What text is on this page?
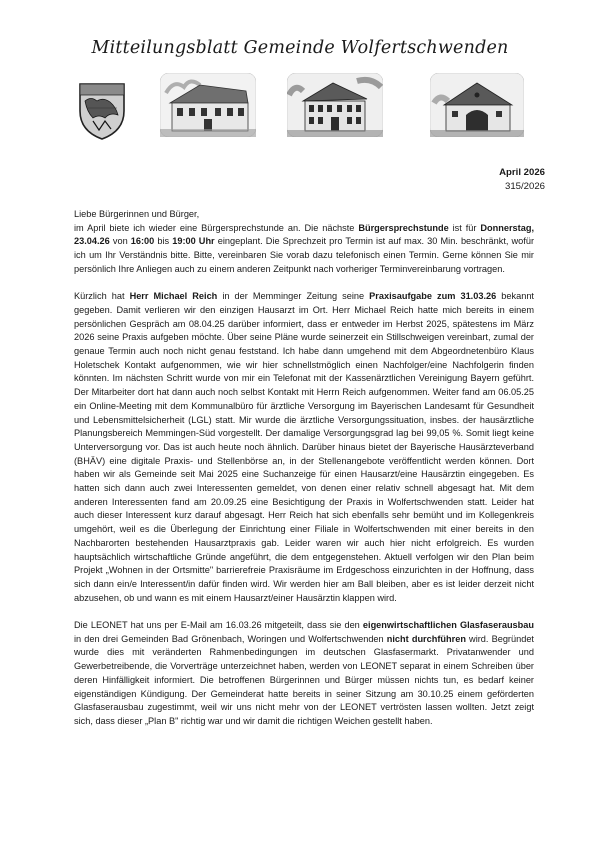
Mitteilungsblatt Gemeinde Wolfertschwenden
April 2026
315/2026

Liebe Bürgerinnen und Bürger,

im April biete ich wieder eine Bürgersprechstunde an. Die nächste Bürgersprechstunde ist für Donnerstag, 23.04.26 von 16:00 bis 19:00 Uhr eingeplant. Die Sprechzeit pro Termin ist auf max. 30 Min. beschränkt, wofür ich um Ihr Verständnis bitte. Bitte, vereinbaren Sie vorab dazu telefonisch einen Termin. Gerne können Sie mir persönlich Ihre Anliegen auch zu einem anderen Zeitpunkt nach vorheriger Terminvereinbarung vortragen.

Kürzlich hat Herr Michael Reich in der Memminger Zeitung seine Praxisaufgabe zum 31.03.26 bekannt gegeben. Damit verlieren wir den einzigen Hausarzt im Ort. Herr Michael Reich hatte mich bereits in einem persönlichen Gespräch am 08.04.25 darüber informiert, dass er entweder im Herbst 2025, spätestens im März 2026 seine Praxis aufgeben möchte. Über seine Pläne wurde seinerzeit ein Stillschweigen vereinbart, zumal der genaue Termin auch noch nicht genau feststand. Ich habe dann umgehend mit dem Abgeordnetenbüro Klaus Holetschek Kontakt aufgenommen, wie wir hier schnellstmöglich einen Nachfolger/eine Nachfolgerin finden könnten. Im nächsten Schritt wurde von mir ein Telefonat mit der Kassenärztlichen Vereinigung Bayern geführt. Der Mitarbeiter dort hat dann auch noch selbst Kontakt mit Herrn Reich aufgenommen. Weiter fand am 06.05.25 ein Online-Meeting mit dem Kommunalbüro für ärztliche Versorgung im Bayerischen Landesamt für Gesundheit und Lebensmittelsicherheit (LGL) statt. Mir wurde die ärztliche Versorgungssituation, insbes. der hausärztliche Planungsbereich Memmingen-Süd vorgestellt. Der damalige Versorgungsgrad lag bei 99,05 %. Somit liegt keine Unterversorgung vor. Das ist auch heute noch ähnlich. Darüber hinaus bietet der Bayerische Hausärzteverband (BHÄV) eine digitale Praxis- und Stellenbörse an, in der Stellenangebote veröffentlicht werden können. Dort haben wir als Gemeinde seit Mai 2025 eine Suchanzeige für einen Hausarzt/eine Hausärztin eingegeben. Es hatten sich dann auch zwei Interessenten gemeldet, von denen einer relativ schnell abgesagt hat. Mit dem anderen Interessenten fand am 20.09.25 eine Besichtigung der Praxis in Wolfertschwenden statt. Leider hat auch dieser Interessent kurz darauf abgesagt. Herr Reich hat sich ebenfalls sehr bemüht und im Kollegenkreis umgehört, weil es die Überlegung der Einrichtung einer Filiale in Wolfertschwenden mit einer bereits in den Nachbarorten bestehenden Hausarztpraxis gab. Leider waren wir auch hier nicht erfolgreich. Es wurden hauptsächlich wirtschaftliche Gründe angeführt, die dem entgegenstehen. Aktuell verfolgen wir den Plan beim Projekt „Wohnen in der Ortsmitte" barrierefreie Praxisräume im Erdgeschoss einzurichten in der Hoffnung, dass sich dann ein/e Interessent/in dafür finden wird. Wir werden hier am Ball bleiben, aber es ist leider derzeit nicht abzusehen, ob und wann es mit einem Hausarzt/einer Hausärztin klappen wird.

Die LEONET hat uns per E-Mail am 16.03.26 mitgeteilt, dass sie den eigenwirtschaftlichen Glasfaserausbau in den drei Gemeinden Bad Grönenbach, Woringen und Wolfertschwenden nicht durchführen wird. Begründet wurde dies mit veränderten Rahmenbedingungen im deutschen Glasfasermarkt. Privatanwender und Gewerbetreibende, die Vorverträge unterzeichnet haben, werden von LEONET separat in einem Schreiben über deren Hinfälligkeit informiert. Die betroffenen Bürgerinnen und Bürger müssen nichts tun, es bedarf keiner eigenständigen Kündigung. Der Gemeinderat hatte bereits in seiner Sitzung am 30.10.25 einem geförderten Glasfaserausbau zugestimmt, weil wir uns nicht mehr von der LEONET vertrösten lassen wollten. Jetzt zeigt sich, dass dieser „Plan B" richtig war und wir damit die richtigen Weichen gestellt haben.
